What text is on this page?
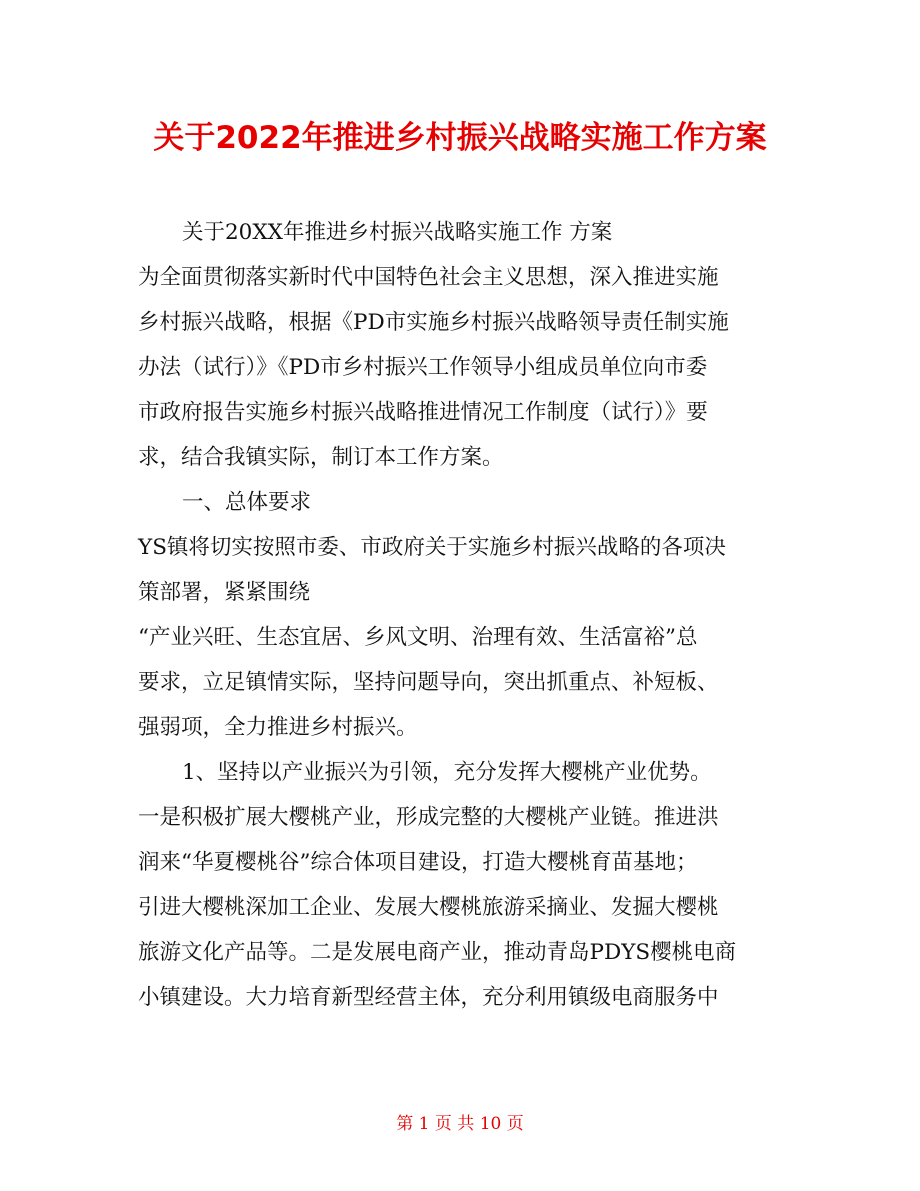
关于2022年推进乡村振兴战略实施工作方案
关于20XX年推进乡村振兴战略实施工作 方案
为全面贯彻落实新时代中国特色社会主义思想，深入推进实施
乡村振兴战略，根据《PD市实施乡村振兴战略领导责任制实施
办法（试行）》《PD市乡村振兴工作领导小组成员单位向市委
市政府报告实施乡村振兴战略推进情况工作制度（试行）》要
求，结合我镇实际，制订本工作方案。
一、总体要求
YS镇将切实按照市委、市政府关于实施乡村振兴战略的各项决
策部署，紧紧围绕
“产业兴旺、生态宜居、乡风文明、治理有效、生活富裕”总
要求，立足镇情实际，坚持问题导向，突出抓重点、补短板、
强弱项，全力推进乡村振兴。
1、坚持以产业振兴为引领，充分发挥大樱桃产业优势。
一是积极扩展大樱桃产业，形成完整的大樱桃产业链。推进洪
润来“华夏樱桃谷”综合体项目建设，打造大樱桃育苗基地；
引进大樱桃深加工企业、发展大樱桃旅游采摘业、发掘大樱桃
旅游文化产品等。二是发展电商产业，推动青岛PDYS樱桃电商
小镇建设。大力培育新型经营主体，充分利用镇级电商服务中
第 1 页 共 10 页
